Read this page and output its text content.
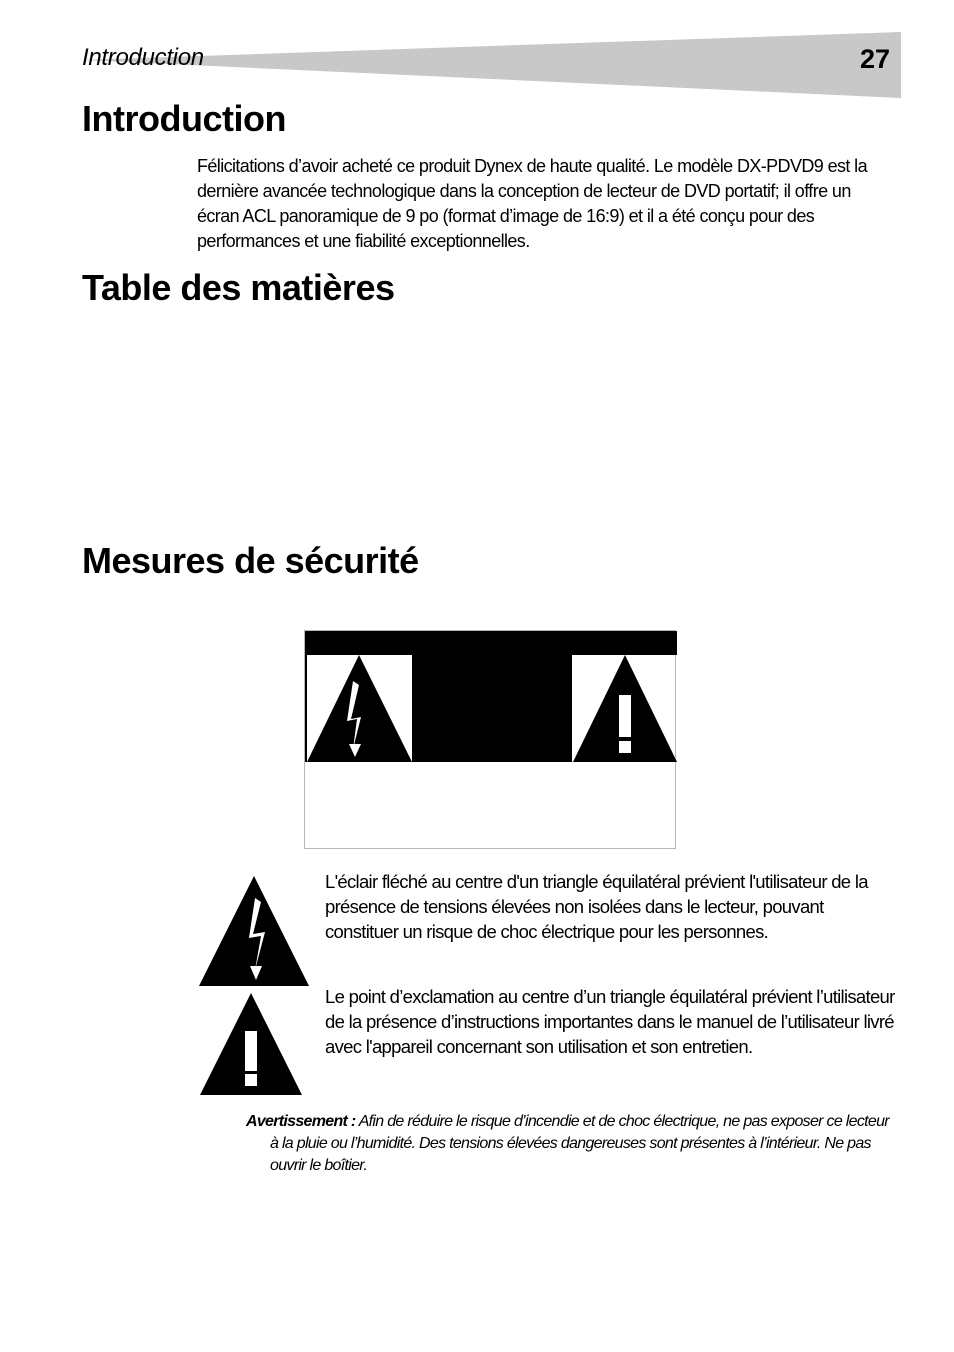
Introduction	27
Introduction

Félicitations d’avoir acheté ce produit Dynex de haute qualité. Le modèle DX-PDVD9 est la dernière avancée technologique dans la conception de lecteur de DVD portatif; il offre un écran ACL panoramique de 9 po (format d’image de 16:9) et il a été conçu pour des performances et une fiabilité exceptionnelles.

Table des matières
Mesures de sécurité

L'éclair fléché au centre d'un triangle équilatéral prévient l'utilisateur de la présence de tensions élevées non isolées dans le lecteur, pouvant constituer un risque de choc électrique pour les personnes.

Le point d’exclamation au centre d’un triangle équilatéral prévient l’utilisateur de la présence d’instructions importantes dans le manuel de l’utilisateur livré avec l'appareil concernant son utilisation et son entretien.

Avertissement : Afin de réduire le risque d’incendie et de choc électrique, ne pas exposer ce lecteur à la pluie ou l’humidité. Des tensions élevées dangereuses sont présentes à l’intérieur. Ne pas ouvrir le boîtier.
